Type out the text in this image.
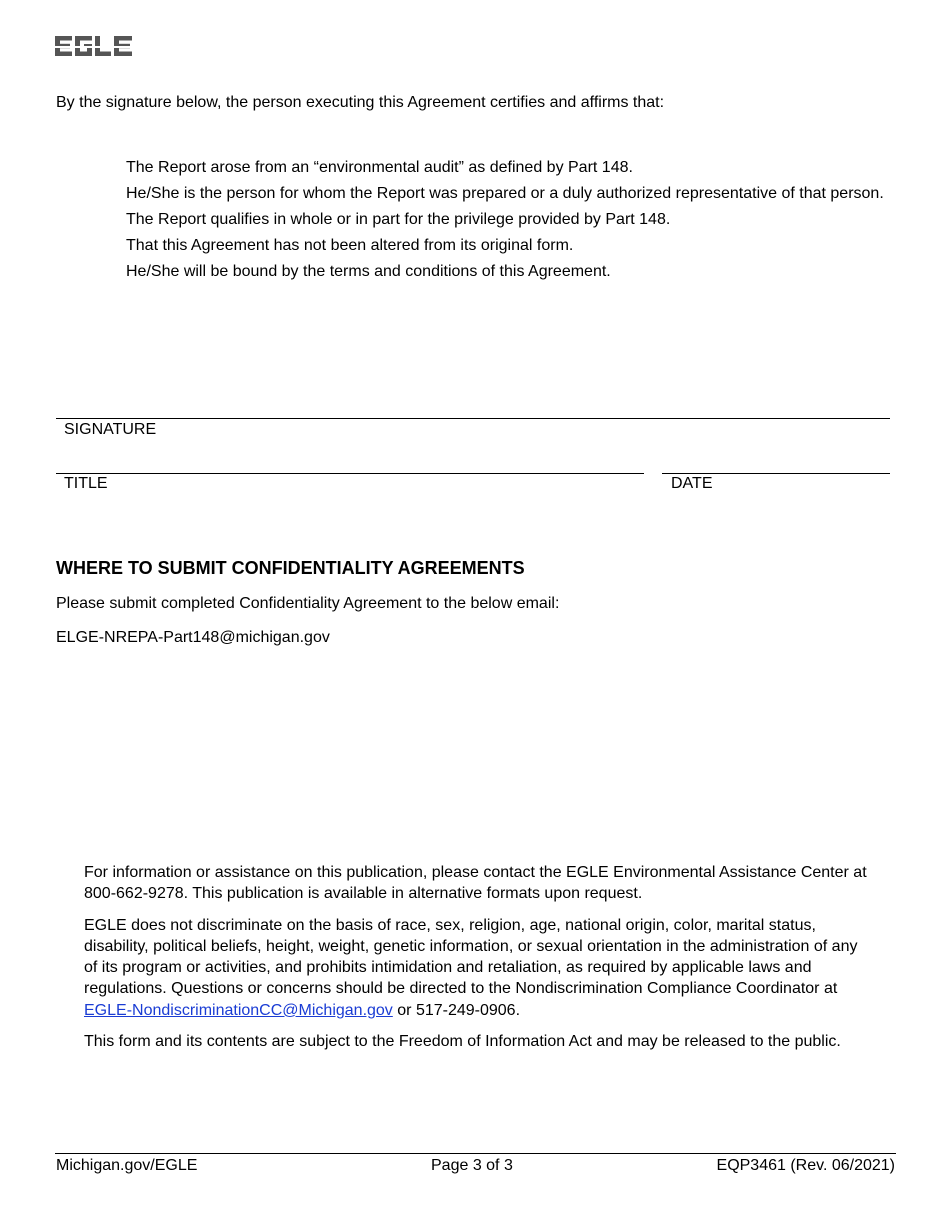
By the signature below, the person executing this Agreement certifies and affirms that:
The Report arose from an “environmental audit” as defined by Part 148.
He/She is the person for whom the Report was prepared or a duly authorized representative of that person.
The Report qualifies in whole or in part for the privilege provided by Part 148.
That this Agreement has not been altered from its original form.
He/She will be bound by the terms and conditions of this Agreement.
SIGNATURE
TITLE	DATE
WHERE TO SUBMIT CONFIDENTIALITY AGREEMENTS
Please submit completed Confidentiality Agreement to the below email:
ELGE-NREPA-Part148@michigan.gov

For information or assistance on this publication, please contact the EGLE Environmental Assistance Center at 800-662-9278. This publication is available in alternative formats upon request.

EGLE does not discriminate on the basis of race, sex, religion, age, national origin, color, marital status, disability, political beliefs, height, weight, genetic information, or sexual orientation in the administration of any of its program or activities, and prohibits intimidation and retaliation, as required by applicable laws and regulations. Questions or concerns should be directed to the Nondiscrimination Compliance Coordinator at EGLE-NondiscriminationCC@Michigan.gov or 517-249-0906.

This form and its contents are subject to the Freedom of Information Act and may be released to the public.

Michigan.gov/EGLE	Page 3 of 3	EQP3461 (Rev. 06/2021)
